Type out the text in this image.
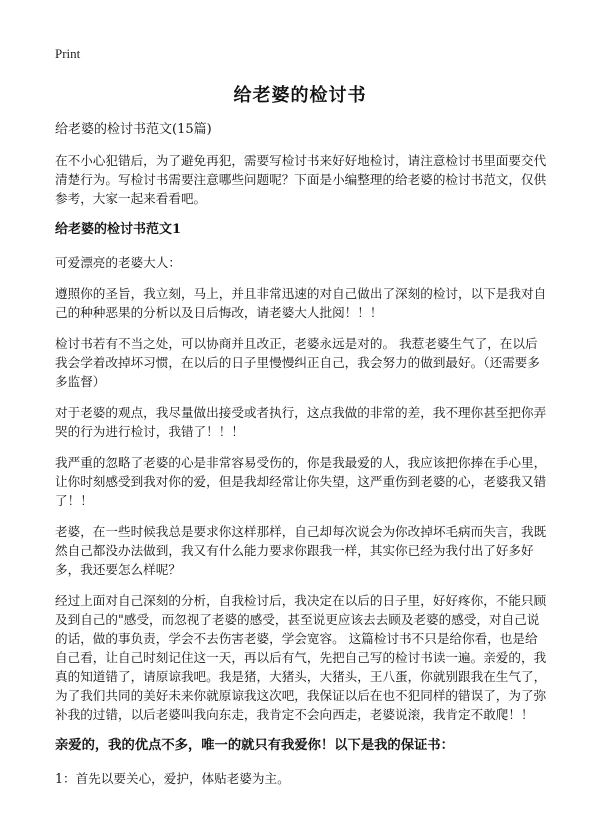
Print
给老婆的检讨书
给老婆的检讨书范文(15篇)
在不小心犯错后，为了避免再犯，需要写检讨书来好好地检讨，请注意检讨书里面要交代清楚行为。写检讨书需要注意哪些问题呢？下面是小编整理的给老婆的检讨书范文，仅供参考，大家一起来看看吧。
给老婆的检讨书范文1
可爱漂亮的老婆大人：
遵照你的圣旨，我立刻，马上，并且非常迅速的对自己做出了深刻的检讨，以下是我对自己的种种恶果的分析以及日后悔改，请老婆大人批阅！！！
检讨书若有不当之处，可以协商并且改正，老婆永远是对的。 我惹老婆生气了，在以后我会学着改掉坏习惯，在以后的日子里慢慢纠正自己，我会努力的做到最好。（还需要多多监督）
对于老婆的观点，我尽量做出接受或者执行，这点我做的非常的差，我不理你甚至把你弄哭的行为进行检讨，我错了！！！
我严重的忽略了老婆的心是非常容易受伤的，你是我最爱的人，我应该把你捧在手心里，让你时刻感受到我对你的爱，但是我却经常让你失望，这严重伤到老婆的心，老婆我又错了！！
老婆，在一些时候我总是要求你这样那样，自己却每次说会为你改掉坏毛病而失言，我既然自己都没办法做到，我又有什么能力要求你跟我一样，其实你已经为我付出了好多好多，我还要怎么样呢？
经过上面对自己深刻的分析，自我检讨后，我决定在以后的日子里，好好疼你，不能只顾及到自己的"感受，而忽视了老婆的感受，甚至说更应该去去顾及老婆的感受，对自己说的话，做的事负责，学会不去伤害老婆，学会宽容。 这篇检讨书不只是给你看，也是给自己看，让自己时刻记住这一天，再以后有气，先把自己写的检讨书读一遍。亲爱的，我真的知道错了，请原谅我吧。我是猪，大猪头，大猪头，王八蛋，你就别跟我在生气了，为了我们共同的美好未来你就原谅我这次吧，我保证以后在也不犯同样的错误了，为了弥补我的过错，以后老婆叫我向东走，我肯定不会向西走，老婆说滚，我肯定不敢爬！！
亲爱的，我的优点不多，唯一的就只有我爱你！以下是我的保证书：
1：首先以要关心，爱护，体贴老婆为主。
